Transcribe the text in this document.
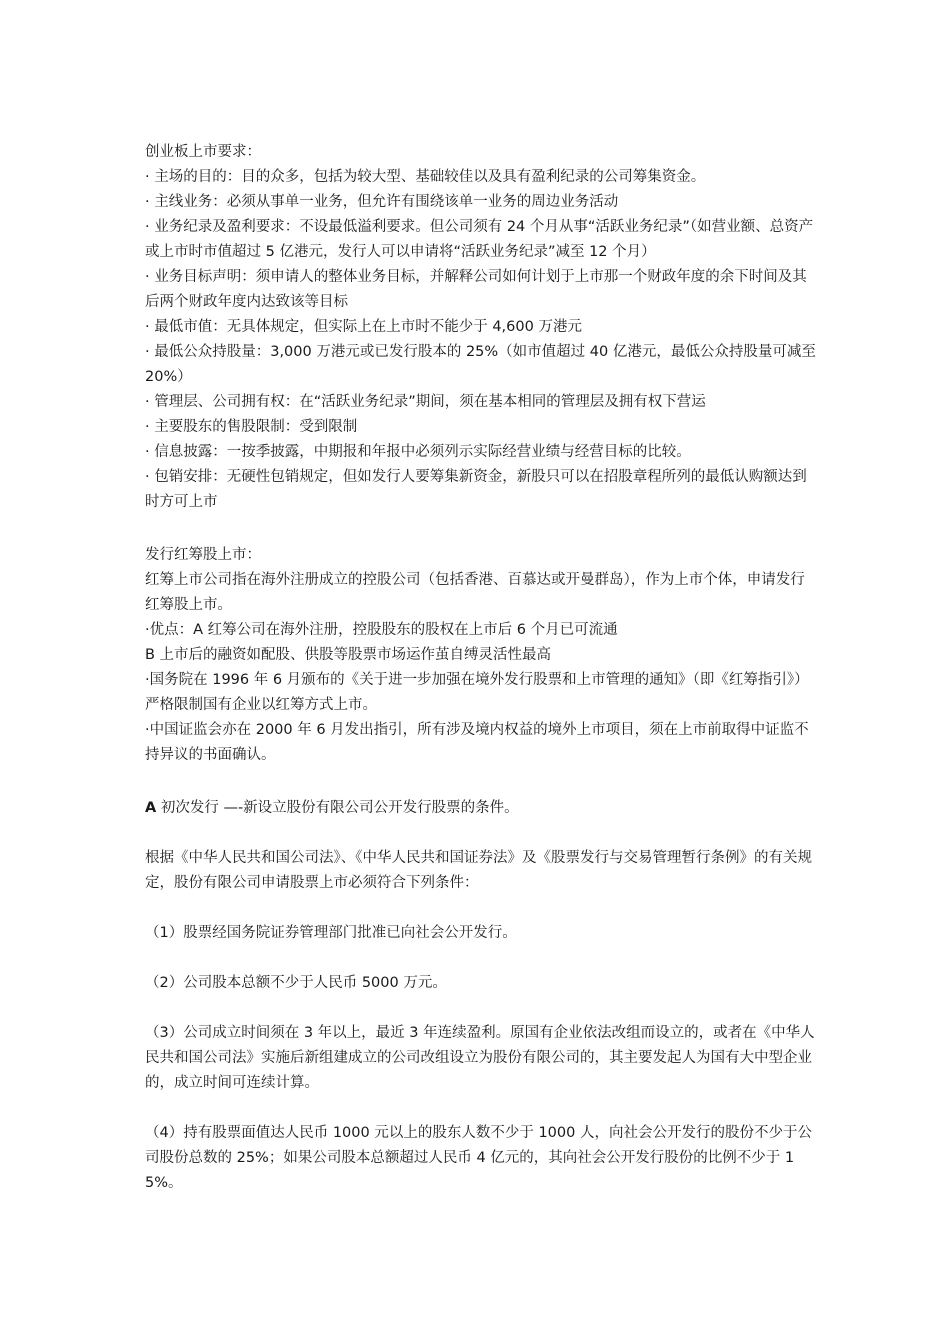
创业板上市要求：
· 主场的目的：目的众多，包括为较大型、基础较佳以及具有盈利纪录的公司筹集资金。
· 主线业务：必须从事单一业务，但允许有围绕该单一业务的周边业务活动
· 业务纪录及盈利要求：不设最低溢利要求。但公司须有 24 个月从事“活跃业务纪录”（如营业额、总资产或上市时市值超过 5 亿港元，发行人可以申请将“活跃业务纪录”减至 12 个月）
· 业务目标声明：须申请人的整体业务目标，并解释公司如何计划于上市那一个财政年度的余下时间及其后两个财政年度内达致该等目标
· 最低市值：无具体规定，但实际上在上市时不能少于 4,600 万港元
· 最低公众持股量：3,000 万港元或已发行股本的 25%（如市值超过 40 亿港元，最低公众持股量可减至 20%）
· 管理层、公司拥有权：在“活跃业务纪录”期间，须在基本相同的管理层及拥有权下营运
· 主要股东的售股限制：受到限制
· 信息披露：一按季披露，中期报和年报中必须列示实际经营业绩与经营目标的比较。
· 包销安排：无硬性包销规定，但如发行人要筹集新资金，新股只可以在招股章程所列的最低认购额达到时方可上市
发行红筹股上市：
红筹上市公司指在海外注册成立的控股公司（包括香港、百慕达或开曼群岛），作为上市个体，申请发行红筹股上市。
·优点：A 红筹公司在海外注册，控股股东的股权在上市后 6 个月已可流通
B 上市后的融资如配股、供股等股票市场运作茧自缚灵活性最高
·国务院在 1996 年 6 月颁布的《关于进一步加强在境外发行股票和上市管理的通知》（即《红筹指引》）严格限制国有企业以红筹方式上市。
·中国证监会亦在 2000 年 6 月发出指引，所有涉及境内权益的境外上市项目，须在上市前取得中证监不持异议的书面确认。
A 初次发行 —-新设立股份有限公司公开发行股票的条件。
根据《中华人民共和国公司法》、《中华人民共和国证券法》及《股票发行与交易管理暂行条例》的有关规定，股份有限公司申请股票上市必须符合下列条件：
（1）股票经国务院证券管理部门批准已向社会公开发行。
（2）公司股本总额不少于人民币 5000 万元。
（3）公司成立时间须在 3 年以上，最近 3 年连续盈利。原国有企业依法改组而设立的，或者在《中华人民共和国公司法》实施后新组建成立的公司改组设立为股份有限公司的，其主要发起人为国有大中型企业的，成立时间可连续计算。
（4）持有股票面值达人民币 1000 元以上的股东人数不少于 1000 人，向社会公开发行的股份不少于公司股份总数的 25%；如果公司股本总额超过人民币 4 亿元的，其向社会公开发行股份的比例不少于 15%。
